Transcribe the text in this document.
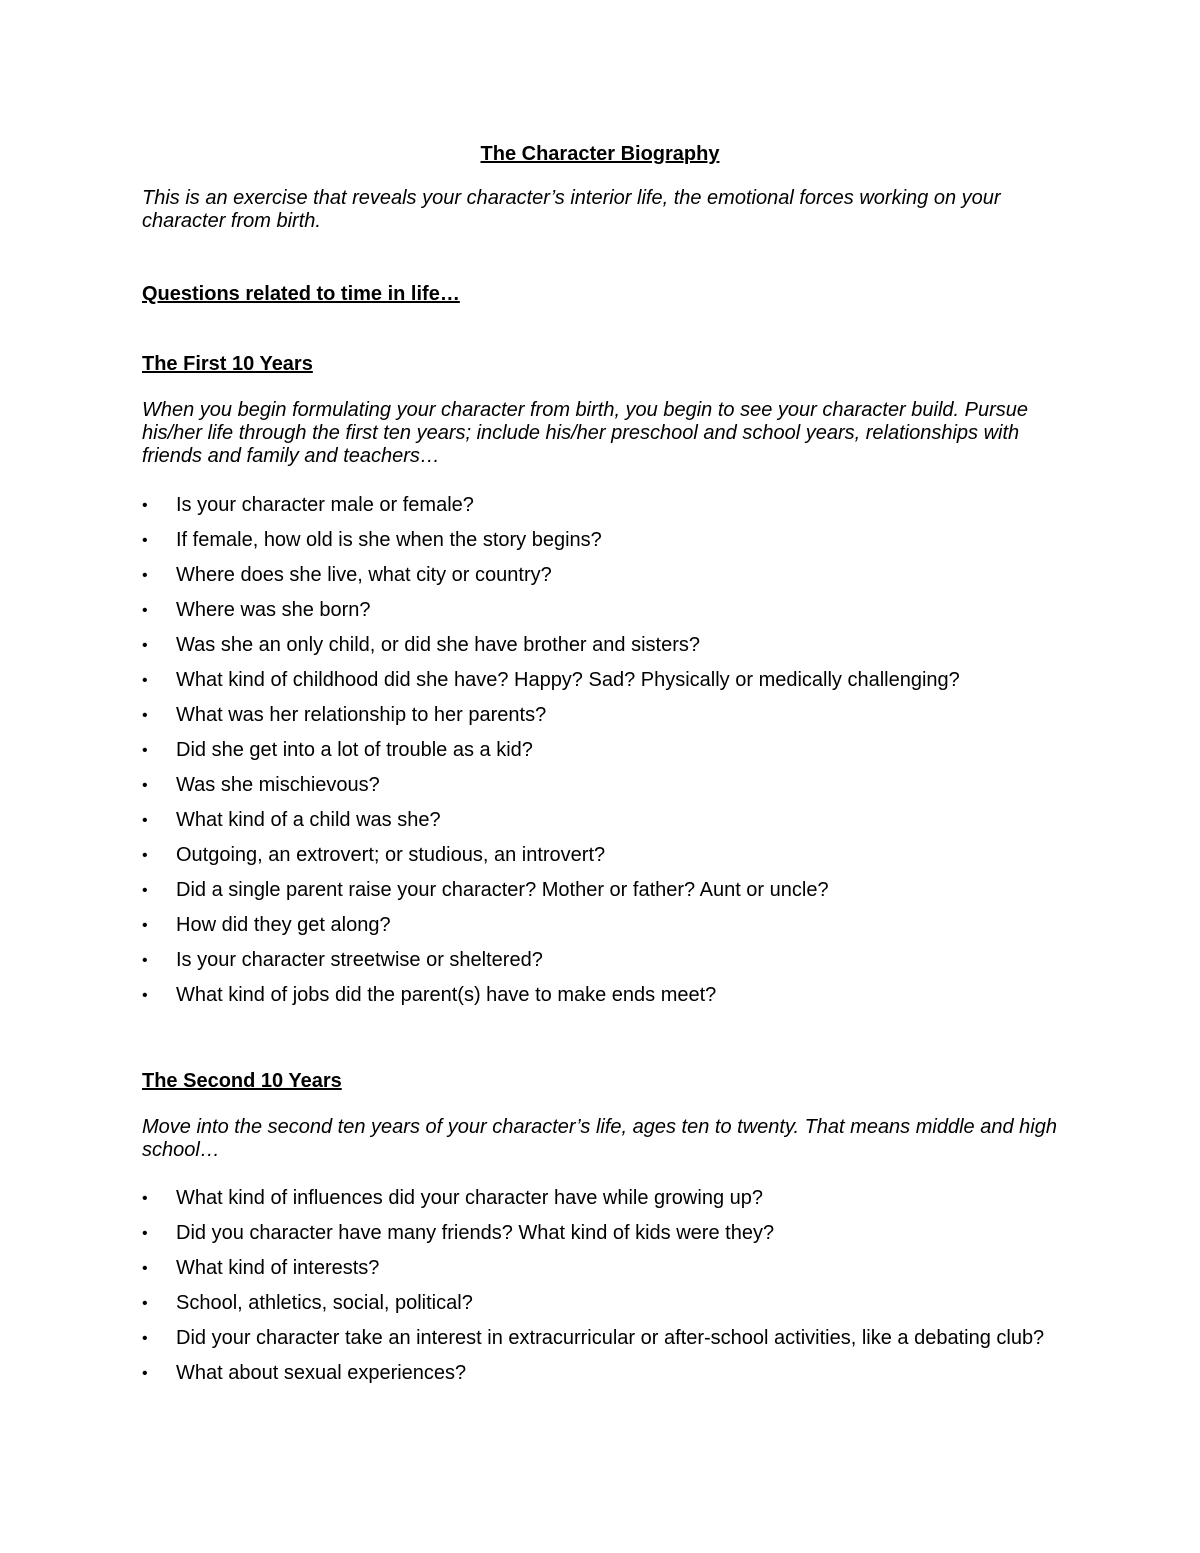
The Character Biography

This is an exercise that reveals your character’s interior life, the emotional forces working on your character from birth.

Questions related to time in life…
The First 10 Years

When you begin formulating your character from birth, you begin to see your character build. Pursue his/her life through the first ten years; include his/her preschool and school years, relationships with friends and family and teachers…

• Is your character male or female?
• If female, how old is she when the story begins?
• Where does she live, what city or country?
• Where was she born?
• Was she an only child, or did she have brother and sisters?
• What kind of childhood did she have? Happy? Sad? Physically or medically challenging?
• What was her relationship to her parents?
• Did she get into a lot of trouble as a kid?
• Was she mischievous?
• What kind of a child was she?
• Outgoing, an extrovert; or studious, an introvert?
• Did a single parent raise your character? Mother or father? Aunt or uncle?
• How did they get along?
• Is your character streetwise or sheltered?
• What kind of jobs did the parent(s) have to make ends meet?
The Second 10 Years

Move into the second ten years of your character’s life, ages ten to twenty. That means middle and high school…

• What kind of influences did your character have while growing up?
• Did you character have many friends? What kind of kids were they?
• What kind of interests?
• School, athletics, social, political?
• Did your character take an interest in extracurricular or after-school activities, like a debating club?
• What about sexual experiences?
